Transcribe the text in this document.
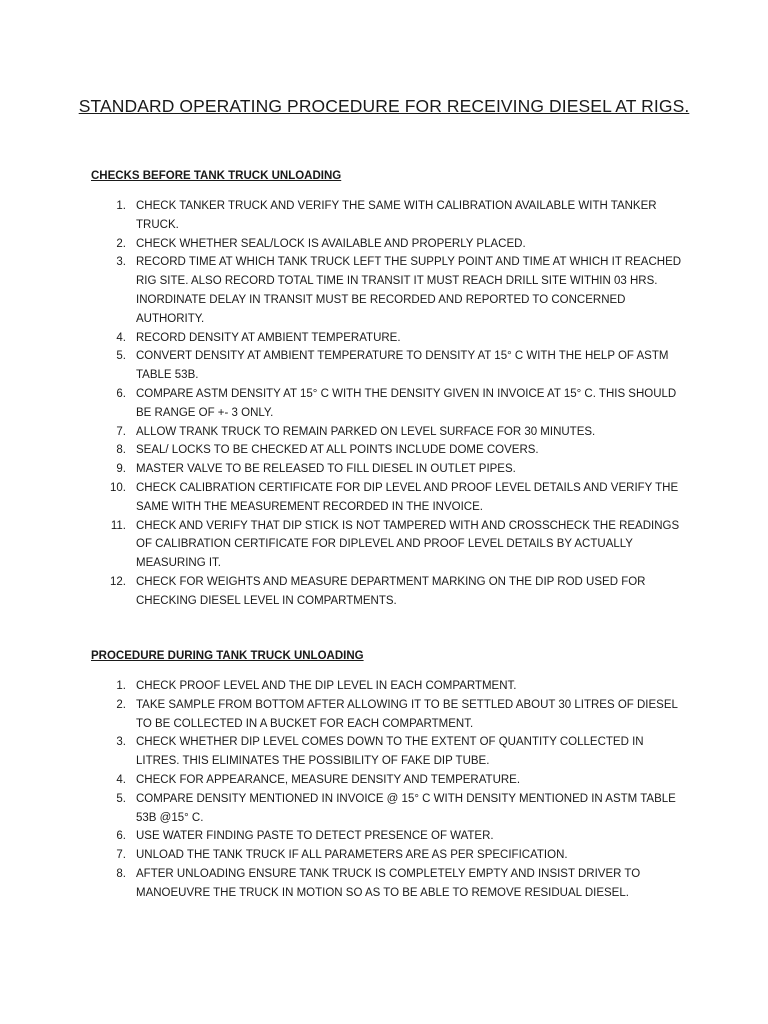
STANDARD OPERATING PROCEDURE FOR RECEIVING DIESEL AT RIGS.
CHECKS BEFORE TANK TRUCK UNLOADING
1. CHECK TANKER TRUCK AND VERIFY THE SAME WITH CALIBRATION AVAILABLE WITH TANKER TRUCK.
2. CHECK WHETHER SEAL/LOCK IS AVAILABLE AND PROPERLY PLACED.
3. RECORD TIME AT WHICH TANK TRUCK LEFT THE SUPPLY POINT AND TIME AT WHICH IT REACHED RIG SITE. ALSO RECORD TOTAL TIME IN TRANSIT IT MUST REACH DRILL SITE WITHIN 03 HRS. INORDINATE DELAY IN TRANSIT MUST BE RECORDED AND REPORTED TO CONCERNED AUTHORITY.
4. RECORD DENSITY AT AMBIENT TEMPERATURE.
5. CONVERT DENSITY AT AMBIENT TEMPERATURE TO DENSITY AT 15° C WITH THE HELP OF ASTM TABLE 53B.
6. COMPARE ASTM DENSITY AT 15° C WITH THE DENSITY GIVEN IN INVOICE AT 15° C. THIS SHOULD BE RANGE OF +- 3 ONLY.
7. ALLOW TRANK TRUCK TO REMAIN PARKED ON LEVEL SURFACE FOR 30 MINUTES.
8. SEAL/ LOCKS TO BE CHECKED AT ALL POINTS INCLUDE DOME COVERS.
9. MASTER VALVE TO BE RELEASED TO FILL DIESEL IN OUTLET PIPES.
10. CHECK CALIBRATION CERTIFICATE FOR DIP LEVEL AND PROOF LEVEL DETAILS AND VERIFY THE SAME WITH THE MEASUREMENT RECORDED IN THE INVOICE.
11. CHECK AND VERIFY THAT DIP STICK IS NOT TAMPERED WITH AND CROSSCHECK THE READINGS OF CALIBRATION CERTIFICATE FOR DIPLEVEL AND PROOF LEVEL DETAILS BY ACTUALLY MEASURING IT.
12. CHECK FOR WEIGHTS AND MEASURE DEPARTMENT MARKING ON THE DIP ROD USED FOR CHECKING DIESEL LEVEL IN COMPARTMENTS.
PROCEDURE DURING TANK TRUCK UNLOADING
1. CHECK PROOF LEVEL AND THE DIP LEVEL IN EACH COMPARTMENT.
2. TAKE SAMPLE FROM BOTTOM AFTER ALLOWING IT TO BE SETTLED ABOUT 30 LITRES OF DIESEL TO BE COLLECTED IN A BUCKET FOR EACH COMPARTMENT.
3. CHECK WHETHER DIP LEVEL COMES DOWN TO THE EXTENT OF QUANTITY COLLECTED IN LITRES. THIS ELIMINATES THE POSSIBILITY OF FAKE DIP TUBE.
4. CHECK FOR APPEARANCE, MEASURE DENSITY AND TEMPERATURE.
5. COMPARE DENSITY MENTIONED IN INVOICE @ 15° C WITH DENSITY MENTIONED IN ASTM TABLE 53B @15° C.
6. USE WATER FINDING PASTE TO DETECT PRESENCE OF WATER.
7. UNLOAD THE TANK TRUCK IF ALL PARAMETERS ARE AS PER SPECIFICATION.
8. AFTER UNLOADING ENSURE TANK TRUCK IS COMPLETELY EMPTY AND INSIST DRIVER TO MANOEUVRE THE TRUCK IN MOTION SO AS TO BE ABLE TO REMOVE RESIDUAL DIESEL.
